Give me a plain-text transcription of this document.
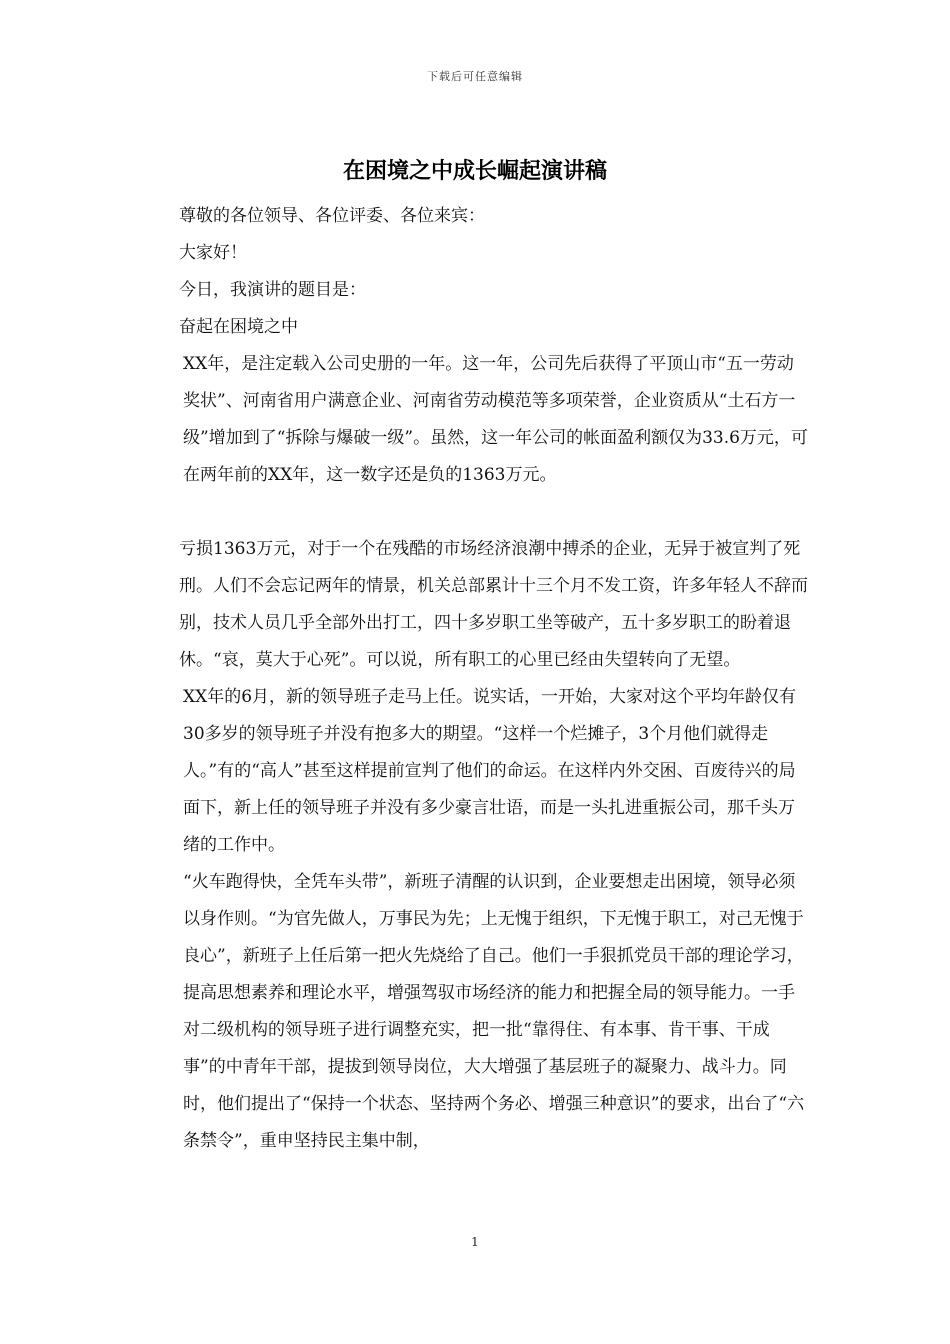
下载后可任意编辑
在困境之中成长崛起演讲稿

尊敬的各位领导、各位评委、各位来宾：

大家好！

今日，我演讲的题目是：

奋起在困境之中

XX年，是注定载入公司史册的一年。这一年，公司先后获得了平顶山市“五一劳动奖状”、河南省用户满意企业、河南省劳动模范等多项荣誉，企业资质从“土石方一级”增加到了“拆除与爆破一级”。虽然，这一年公司的帐面盈利额仅为33.6万元，可在两年前的XX年，这一数字还是负的1363万元。

亏损1363万元，对于一个在残酷的市场经济浪潮中搏杀的企业，无异于被宣判了死刑。人们不会忘记两年的情景，机关总部累计十三个月不发工资，许多年轻人不辞而别，技术人员几乎全部外出打工，四十多岁职工坐等破产，五十多岁职工的盼着退休。“哀，莫大于心死”。可以说，所有职工的心里已经由失望转向了无望。

XX年的6月，新的领导班子走马上任。说实话，一开始，大家对这个平均年龄仅有30多岁的领导班子并没有抱多大的期望。“这样一个烂摊子，3个月他们就得走人。”有的“高人”甚至这样提前宣判了他们的命运。在这样内外交困、百废待兴的局面下，新上任的领导班子并没有多少豪言壮语，而是一头扎进重振公司，那千头万绪的工作中。

“火车跑得快，全凭车头带”，新班子清醒的认识到，企业要想走出困境，领导必须以身作则。“为官先做人，万事民为先；上无愧于组织，下无愧于职工，对己无愧于良心”，新班子上任后第一把火先烧给了自己。他们一手狠抓党员干部的理论学习，提高思想素养和理论水平，增强驾驭市场经济的能力和把握全局的领导能力。一手对二级机构的领导班子进行调整充实，把一批“靠得住、有本事、肯干事、干成事”的中青年干部，提拔到领导岗位，大大增强了基层班子的凝聚力、战斗力。同时，他们提出了“保持一个状态、坚持两个务必、增强三种意识”的要求，出台了“六条禁令”，重申坚持民主集中制，

1
